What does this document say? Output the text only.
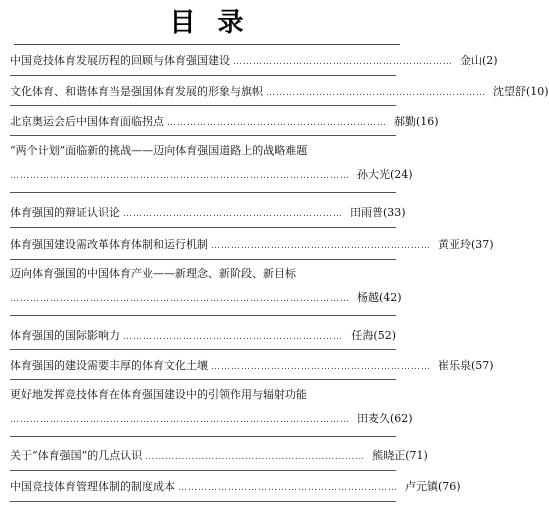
目录
中国竞技体育发展历程的回顾与体育强国建设 ………………………………………………………… 金山 (2)
文化体育、和谐体育当是强国体育发展的形象与旗帜 ………………………………………………………… 沈望舒 (10)
北京奥运会后中国体育面临拐点 ………………………………………………………… 郝勤 (16)
“两个计划”面临新的挑战——迈向体育强国道路上的战略难题
………………………………………………………………………………………… 孙大光 (24)
体育强国的辩证认识论 ………………………………………………………… 田雨普 (33)
体育强国建设需改革体育体制和运行机制 ………………………………………………………… 黄亚玲 (37)
迈向体育强国的中国体育产业——新理念、新阶段、新目标
………………………………………………………………………………………… 杨越 (42)
体育强国的国际影响力 ………………………………………………………… 任海 (52)
体育强国的建设需要丰厚的体育文化土壤 ………………………………………………………… 崔乐泉 (57)
更好地发挥竞技体育在体育强国建设中的引领作用与辐射功能
………………………………………………………………………………………… 田麦久 (62)
关于“体育强国”的几点认识 ………………………………………………………… 熊晓正 (71)
中国竞技体育管理体制的制度成本 ………………………………………………………… 卢元镇 (76)
